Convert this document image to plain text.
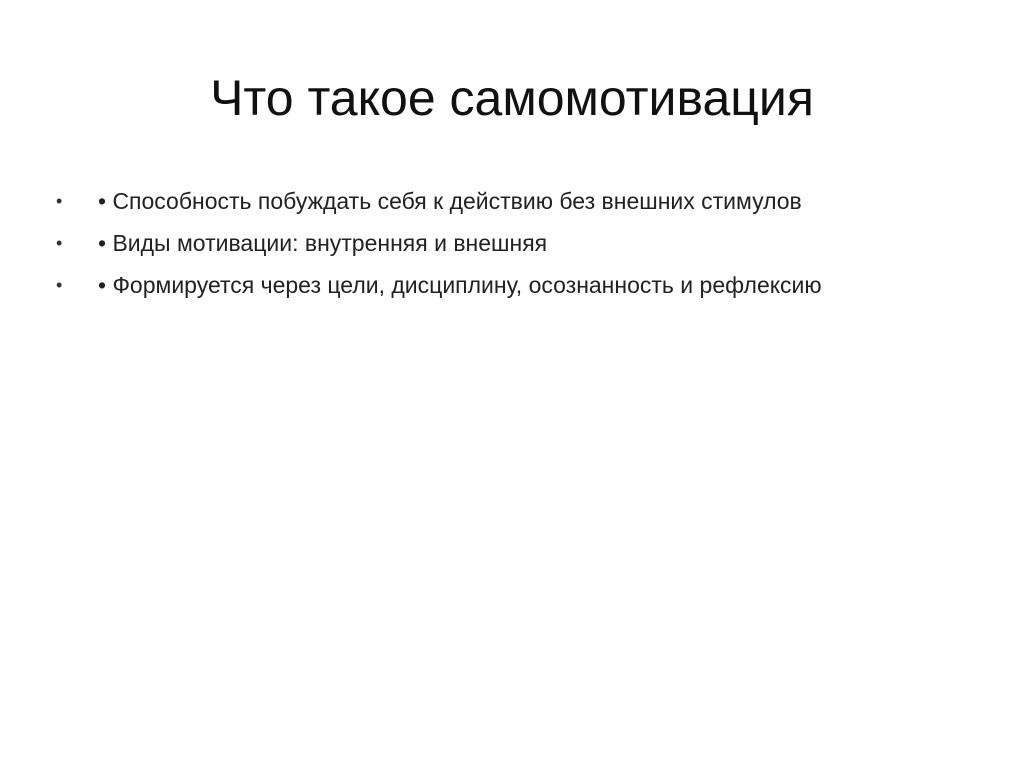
Что такое самомотивация
•	• Способность побуждать себя к действию без внешних стимулов
•	• Виды мотивации: внутренняя и внешняя
•	• Формируется через цели, дисциплину, осознанность и рефлексию
